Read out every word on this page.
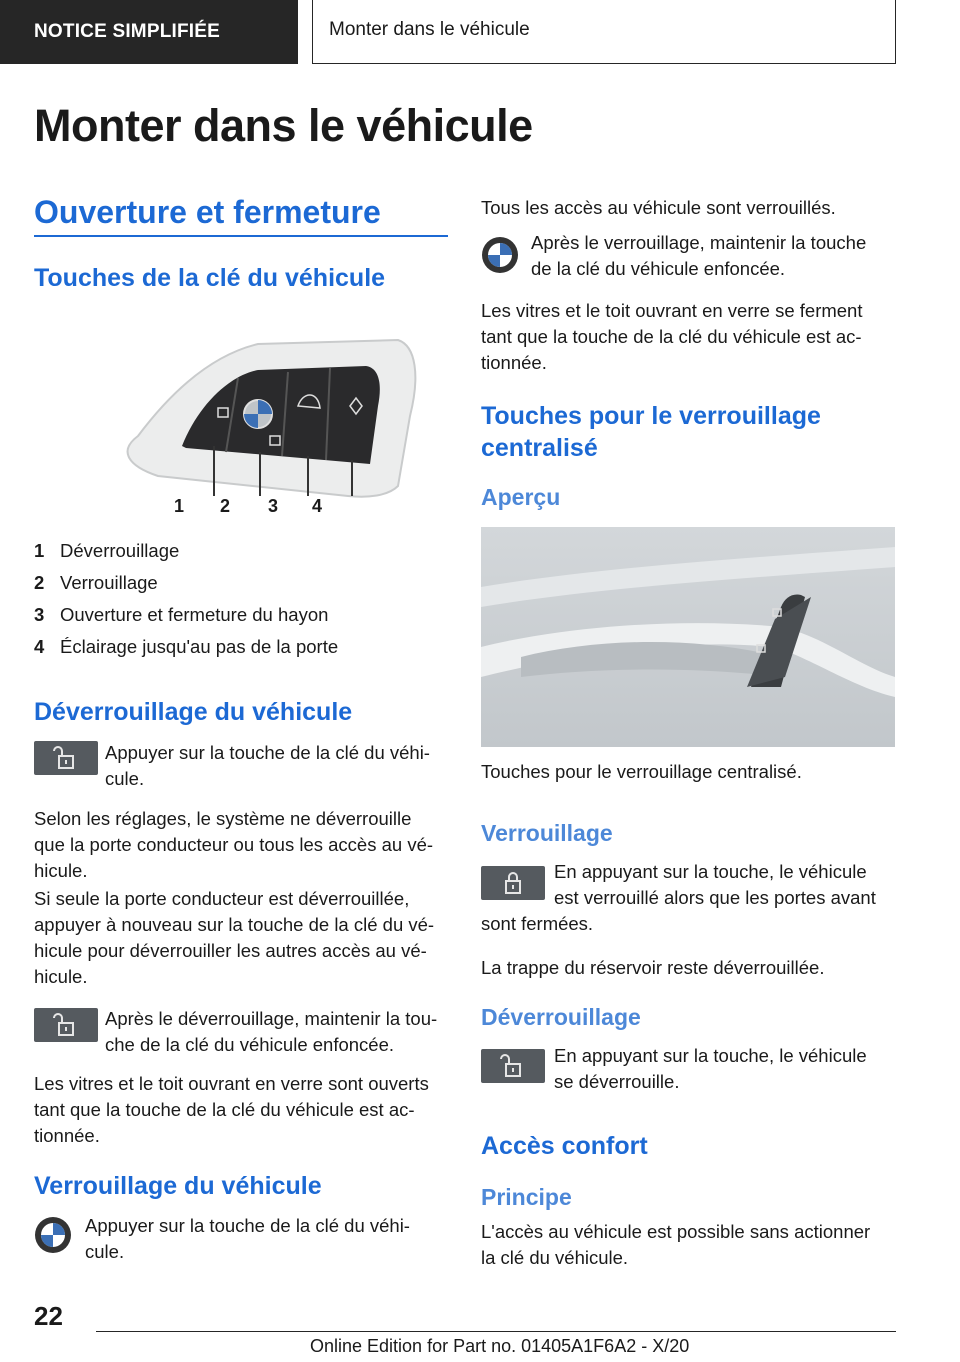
NOTICE SIMPLIFIÉE	Monter dans le véhicule
Monter dans le véhicule
Ouverture et fermeture
Touches de la clé du véhicule
1 2 3 4
1 Déverrouillage
2 Verrouillage
3 Ouverture et fermeture du hayon
4 Éclairage jusqu'au pas de la porte
Déverrouillage du véhicule
Appuyer sur la touche de la clé du véhi-
cule.
Selon les réglages, le système ne déverrouille
que la porte conducteur ou tous les accès au vé-
hicule.
Si seule la porte conducteur est déverrouillée,
appuyer à nouveau sur la touche de la clé du vé-
hicule pour déverrouiller les autres accès au vé-
hicule.
Après le déverrouillage, maintenir la tou-
che de la clé du véhicule enfoncée.
Les vitres et le toit ouvrant en verre sont ouverts
tant que la touche de la clé du véhicule est ac-
tionnée.
Verrouillage du véhicule
Appuyer sur la touche de la clé du véhi-
cule.
Tous les accès au véhicule sont verrouillés.
Après le verrouillage, maintenir la touche
de la clé du véhicule enfoncée.
Les vitres et le toit ouvrant en verre se ferment
tant que la touche de la clé du véhicule est ac-
tionnée.
Touches pour le verrouillage
centralisé
Aperçu
Touches pour le verrouillage centralisé.
Verrouillage
En appuyant sur la touche, le véhicule
est verrouillé alors que les portes avant
sont fermées.
La trappe du réservoir reste déverrouillée.
Déverrouillage
En appuyant sur la touche, le véhicule
se déverrouille.
Accès confort
Principe
L'accès au véhicule est possible sans actionner
la clé du véhicule.
22
Online Edition for Part no. 01405A1F6A2 - X/20
